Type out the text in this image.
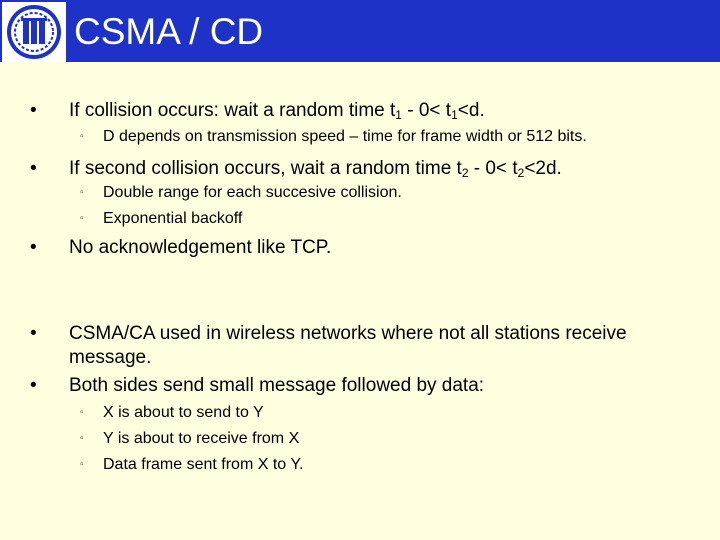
CSMA / CD
• If collision occurs: wait a random time $t_1 - 0< t_1<d$.
▫ D depends on transmission speed – time for frame width or 512 bits.
• If second collision occurs, wait a random time $t_2 - 0< t_2<2d$.
▫ Double range for each succesive collision.
▫ Exponential backoff
• No acknowledgement like TCP.
• CSMA/CA used in wireless networks where not all stations receive
message.
• Both sides send small message followed by data:
▫ X is about to send to Y
▫ Y is about to receive from X
▫ Data frame sent from X to Y.
